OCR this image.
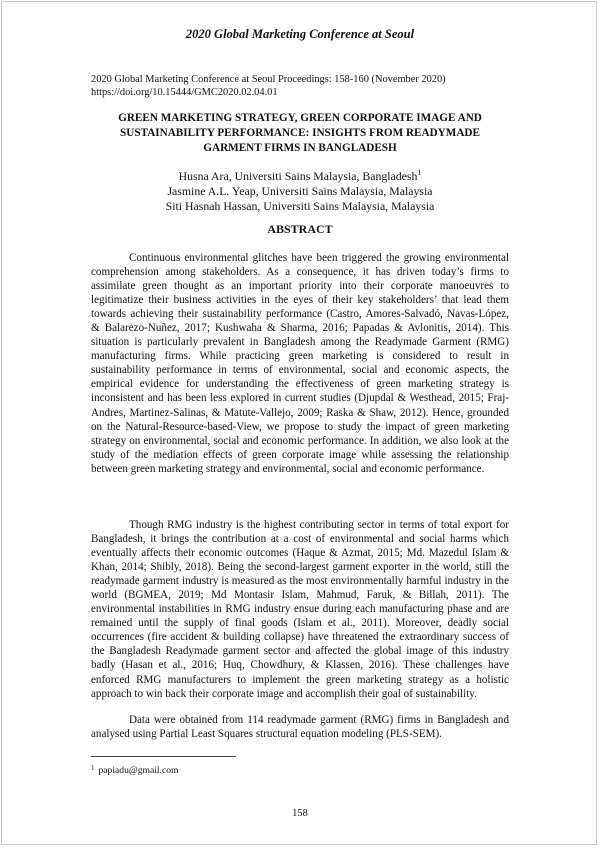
2020 Global Marketing Conference at Seoul
2020 Global Marketing Conference at Seoul Proceedings: 158-160 (November 2020)
https://doi.org/10.15444/GMC2020.02.04.01
GREEN MARKETING STRATEGY, GREEN CORPORATE IMAGE AND
SUSTAINABILITY PERFORMANCE: INSIGHTS FROM READYMADE
GARMENT FIRMS IN BANGLADESH
Husna Ara, Universiti Sains Malaysia, Bangladesh$^1$
Jasmine A.L. Yeap, Universiti Sains Malaysia, Malaysia
Siti Hasnah Hassan, Universiti Sains Malaysia, Malaysia
ABSTRACT

Continuous environmental glitches have been triggered the growing environmental comprehension among stakeholders. As a consequence, it has driven today’s firms to assimilate green thought as an important priority into their corporate manoeuvres to legitimatize their business activities in the eyes of their key stakeholders’ that lead them towards achieving their sustainability performance (Castro, Amores-Salvadó, Navas-López, & Balarezo-Nuñez, 2017; Kushwaha & Sharma, 2016; Papadas & Avlonitis, 2014). This situation is particularly prevalent in Bangladesh among the Readymade Garment (RMG) manufacturing firms. While practicing green marketing is considered to result in sustainability performance in terms of environmental, social and economic aspects, the empirical evidence for understanding the effectiveness of green marketing strategy is inconsistent and has been less explored in current studies (Djupdal & Westhead, 2015; Fraj-Andres, Martinez-Salinas, & Matute-Vallejo, 2009; Raska & Shaw, 2012). Hence, grounded on the Natural-Resource-based-View, we propose to study the impact of green marketing strategy on environmental, social and economic performance. In addition, we also look at the study of the mediation effects of green corporate image while assessing the relationship between green marketing strategy and environmental, social and economic performance.

Though RMG industry is the highest contributing sector in terms of total export for Bangladesh, it brings the contribution at a cost of environmental and social harms which eventually affects their economic outcomes (Haque & Azmat, 2015; Md. Mazedul Islam & Khan, 2014; Shibly, 2018). Being the second-largest garment exporter in the world, still the readymade garment industry is measured as the most environmentally harmful industry in the world (BGMEA, 2019; Md Montasir Islam, Mahmud, Faruk, & Billah, 2011). The environmental instabilities in RMG industry ensue during each manufacturing phase and are remained until the supply of final goods (Islam et al., 2011). Moreover, deadly social occurrences (fire accident & building collapse) have threatened the extraordinary success of the Bangladesh Readymade garment sector and affected the global image of this industry badly (Hasan et al., 2016; Huq, Chowdhury, & Klassen, 2016). These challenges have enforced RMG manufacturers to implement the green marketing strategy as a holistic approach to win back their corporate image and accomplish their goal of sustainability.

Data were obtained from 114 readymade garment (RMG) firms in Bangladesh and analysed using Partial Least Squares structural equation modeling (PLS-SEM).

$^1$ papiadu@gmail.com
158
